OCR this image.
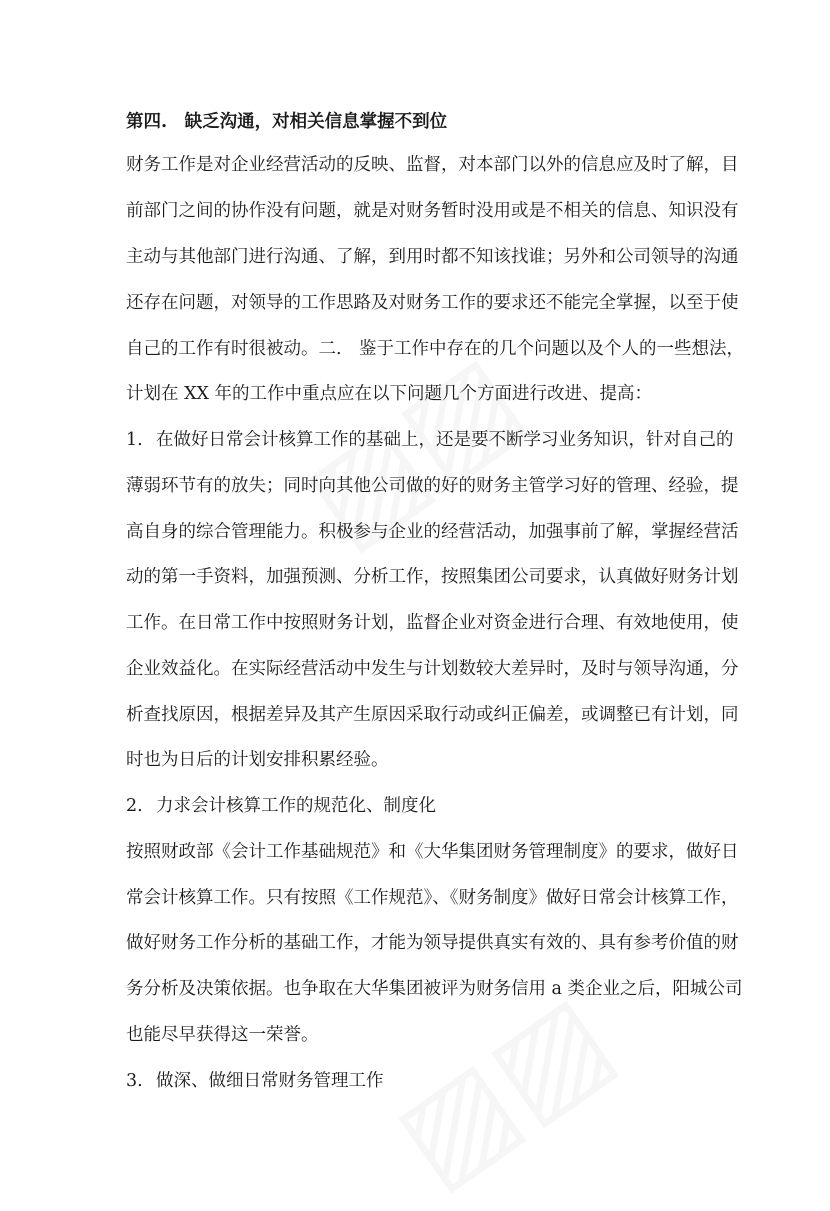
第四.　缺乏沟通，对相关信息掌握不到位
财务工作是对企业经营活动的反映、监督，对本部门以外的信息应及时了解，目
前部门之间的协作没有问题，就是对财务暂时没用或是不相关的信息、知识没有
主动与其他部门进行沟通、了解，到用时都不知该找谁；另外和公司领导的沟通
还存在问题，对领导的工作思路及对财务工作的要求还不能完全掌握，以至于使
自己的工作有时很被动。二.　鉴于工作中存在的几个问题以及个人的一些想法，
计划在 XX 年的工作中重点应在以下问题几个方面进行改进、提高：
1. 在做好日常会计核算工作的基础上，还是要不断学习业务知识，针对自己的
薄弱环节有的放失；同时向其他公司做的好的财务主管学习好的管理、经验，提
高自身的综合管理能力。积极参与企业的经营活动，加强事前了解，掌握经营活
动的第一手资料，加强预测、分析工作，按照集团公司要求，认真做好财务计划
工作。在日常工作中按照财务计划，监督企业对资金进行合理、有效地使用，使
企业效益化。在实际经营活动中发生与计划数较大差异时，及时与领导沟通，分
析查找原因，根据差异及其产生原因采取行动或纠正偏差，或调整已有计划，同
时也为日后的计划安排积累经验。
2. 力求会计核算工作的规范化、制度化
按照财政部《会计工作基础规范》和《大华集团财务管理制度》的要求，做好日
常会计核算工作。只有按照《工作规范》、《财务制度》做好日常会计核算工作，
做好财务工作分析的基础工作，才能为领导提供真实有效的、具有参考价值的财
务分析及决策依据。也争取在大华集团被评为财务信用 a 类企业之后，阳城公司
也能尽早获得这一荣誉。
3. 做深、做细日常财务管理工作
